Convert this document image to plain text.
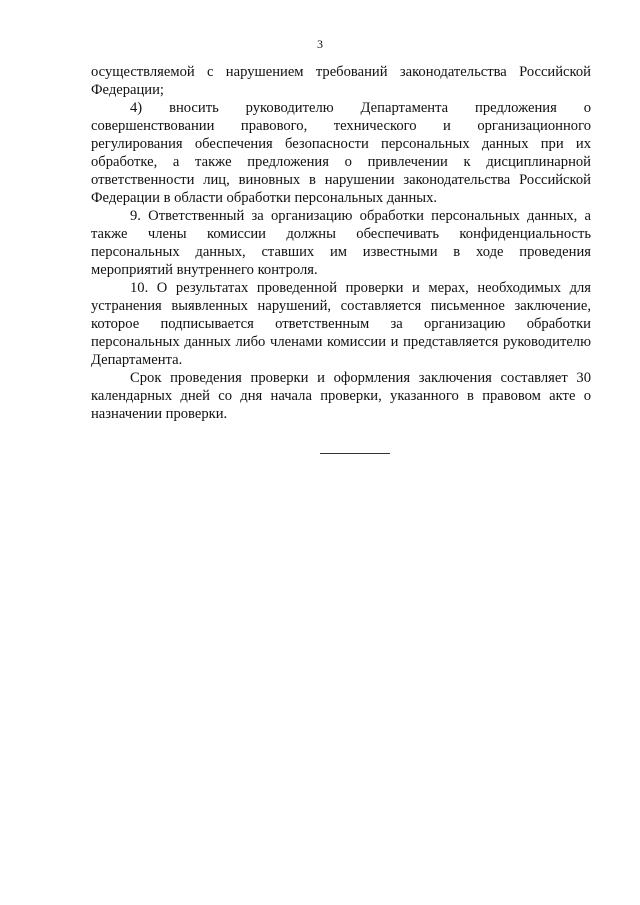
3

осуществляемой с нарушением требований законодательства Российской Федерации;

4) вносить руководителю Департамента предложения о совершенствовании правового, технического и организационного регулирования обеспечения безопасности персональных данных при их обработке, а также предложения о привлечении к дисциплинарной ответственности лиц, виновных в нарушении законодательства Российской Федерации в области обработки персональных данных.

9. Ответственный за организацию обработки персональных данных, а также члены комиссии должны обеспечивать конфиденциальность персональных данных, ставших им известными в ходе проведения мероприятий внутреннего контроля.

10. О результатах проведенной проверки и мерах, необходимых для устранения выявленных нарушений, составляется письменное заключение, которое подписывается ответственным за организацию обработки персональных данных либо членами комиссии и представляется руководителю Департамента.

Срок проведения проверки и оформления заключения составляет 30 календарных дней со дня начала проверки, указанного в правовом акте о назначении проверки.
